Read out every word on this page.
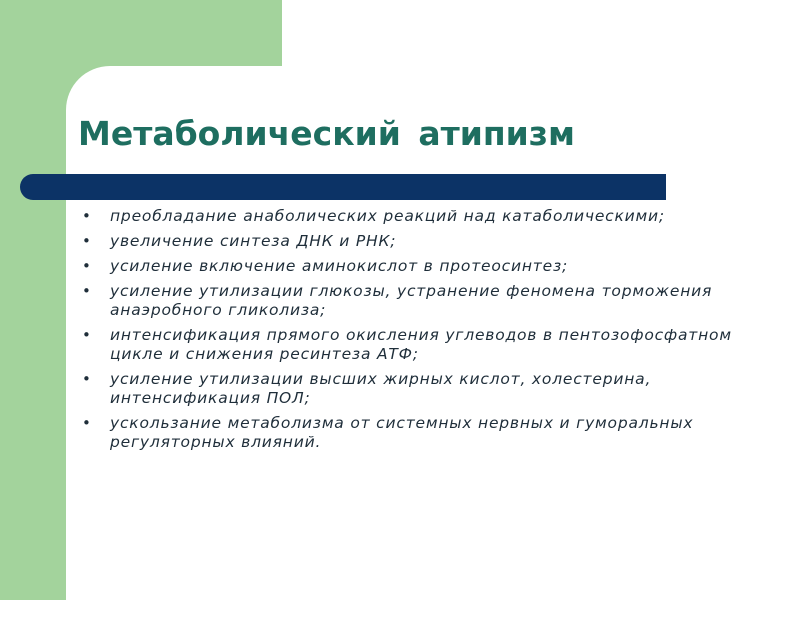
Метаболический атипизм
• преобладание анаболических реакций над катаболическими;
• увеличение синтеза ДНК и РНК;
• усиление включение аминокислот в протеосинтез;
• усиление утилизации глюкозы, устранение феномена торможения анаэробного гликолиза;
• интенсификация прямого окисления углеводов в пентозофосфатном цикле и снижения ресинтеза АТФ;
• усиление утилизации высших жирных кислот, холестерина, интенсификация ПОЛ;
• ускользание метаболизма от системных нервных и гуморальных регуляторных влияний.
